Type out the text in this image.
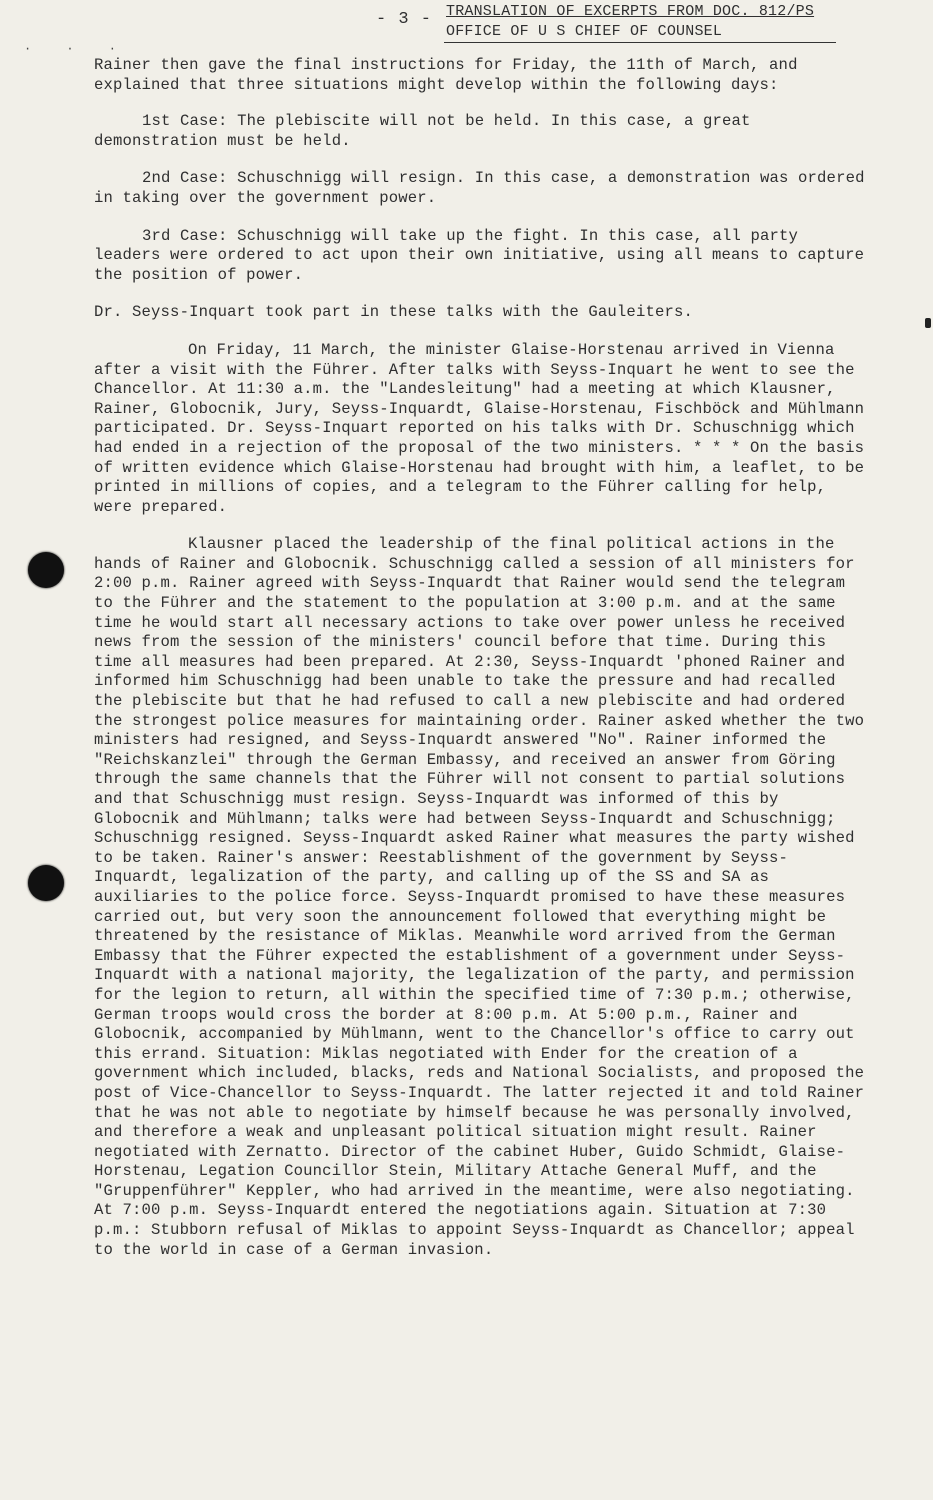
- 3 - TRANSLATION OF EXCERPTS FROM DOC. 812/PS
OFFICE OF U S CHIEF OF COUNSEL
· · ·

Rainer then gave the final instructions for Friday, the 11th of March, and explained that three situations might develop within the following days:

1st Case: The plebiscite will not be held. In this case, a great demonstration must be held.

2nd Case: Schuschnigg will resign. In this case, a demonstration was ordered in taking over the government power.

3rd Case: Schuschnigg will take up the fight. In this case, all party leaders were ordered to act upon their own initiative, using all means to capture the position of power.

Dr. Seyss-Inquart took part in these talks with the Gauleiters.

On Friday, 11 March, the minister Glaise-Horstenau arrived in Vienna after a visit with the Führer. After talks with Seyss-Inquart he went to see the Chancellor. At 11:30 a.m. the "Landesleitung" had a meeting at which Klausner, Rainer, Globocnik, Jury, Seyss-Inquardt, Glaise-Horstenau, Fischböck and Mühlmann participated. Dr. Seyss-Inquart reported on his talks with Dr. Schuschnigg which had ended in a rejection of the proposal of the two ministers. * * * On the basis of written evidence which Glaise-Horstenau had brought with him, a leaflet, to be printed in millions of copies, and a telegram to the Führer calling for help, were prepared.

Klausner placed the leadership of the final political actions in the hands of Rainer and Globocnik. Schuschnigg called a session of all ministers for 2:00 p.m. Rainer agreed with Seyss-Inquardt that Rainer would send the telegram to the Führer and the statement to the population at 3:00 p.m. and at the same time he would start all necessary actions to take over power unless he received news from the session of the ministers' council before that time. During this time all measures had been prepared. At 2:30, Seyss-Inquardt 'phoned Rainer and informed him Schuschnigg had been unable to take the pressure and had recalled the plebiscite but that he had refused to call a new plebiscite and had ordered the strongest police measures for maintaining order. Rainer asked whether the two ministers had resigned, and Seyss-Inquardt answered "No". Rainer informed the "Reichskanzlei" through the German Embassy, and received an answer from Göring through the same channels that the Führer will not consent to partial solutions and that Schuschnigg must resign. Seyss-Inquardt was informed of this by Globocnik and Mühlmann; talks were had between Seyss-Inquardt and Schuschnigg; Schuschnigg resigned. Seyss-Inquardt asked Rainer what measures the party wished to be taken. Rainer's answer: Reestablishment of the government by Seyss-Inquardt, legalization of the party, and calling up of the SS and SA as auxiliaries to the police force. Seyss-Inquardt promised to have these measures carried out, but very soon the announcement followed that everything might be threatened by the resistance of Miklas. Meanwhile word arrived from the German Embassy that the Führer expected the establishment of a government under Seyss-Inquardt with a national majority, the legalization of the party, and permission for the legion to return, all within the specified time of 7:30 p.m.; otherwise, German troops would cross the border at 8:00 p.m. At 5:00 p.m., Rainer and Globocnik, accompanied by Mühlmann, went to the Chancellor's office to carry out this errand. Situation: Miklas negotiated with Ender for the creation of a government which included, blacks, reds and National Socialists, and proposed the post of Vice-Chancellor to Seyss-Inquardt. The latter rejected it and told Rainer that he was not able to negotiate by himself because he was personally involved, and therefore a weak and unpleasant political situation might result. Rainer negotiated with Zernatto. Director of the cabinet Huber, Guido Schmidt, Glaise-Horstenau, Legation Councillor Stein, Military Attache General Muff, and the "Gruppenführer" Keppler, who had arrived in the meantime, were also negotiating. At 7:00 p.m. Seyss-Inquardt entered the negotiations again. Situation at 7:30 p.m.: Stubborn refusal of Miklas to appoint Seyss-Inquardt as Chancellor; appeal to the world in case of a German invasion.
